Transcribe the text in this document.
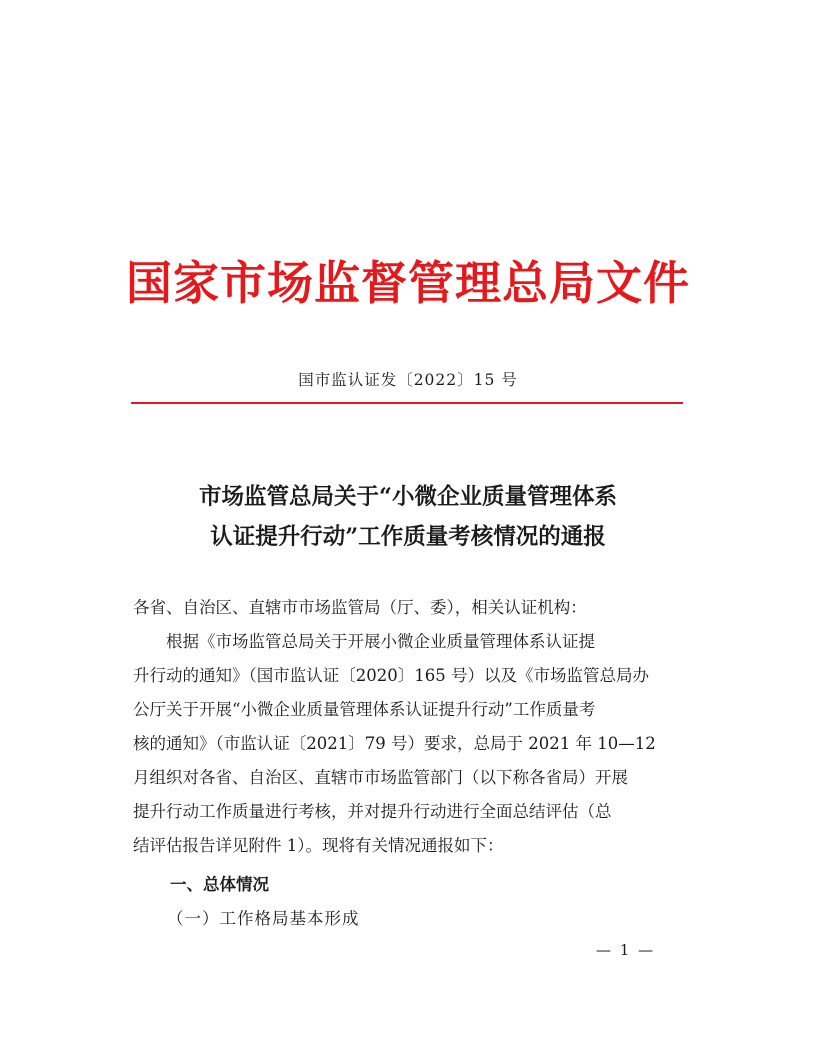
国家市场监督管理总局文件
国市监认证发〔2022〕15 号
市场监管总局关于“小微企业质量管理体系
认证提升行动”工作质量考核情况的通报
各省、自治区、直辖市市场监管局（厅、委），相关认证机构：
　　根据《市场监管总局关于开展小微企业质量管理体系认证提
升行动的通知》（国市监认证〔2020〕165 号）以及《市场监管总局办
公厅关于开展“小微企业质量管理体系认证提升行动”工作质量考
核的通知》（市监认证〔2021〕79 号）要求，总局于 2021 年 10—12
月组织对各省、自治区、直辖市市场监管部门（以下称各省局）开展
提升行动工作质量进行考核，并对提升行动进行全面总结评估（总
结评估报告详见附件 1）。现将有关情况通报如下：
一、总体情况
（一）工作格局基本形成
— 1 —
